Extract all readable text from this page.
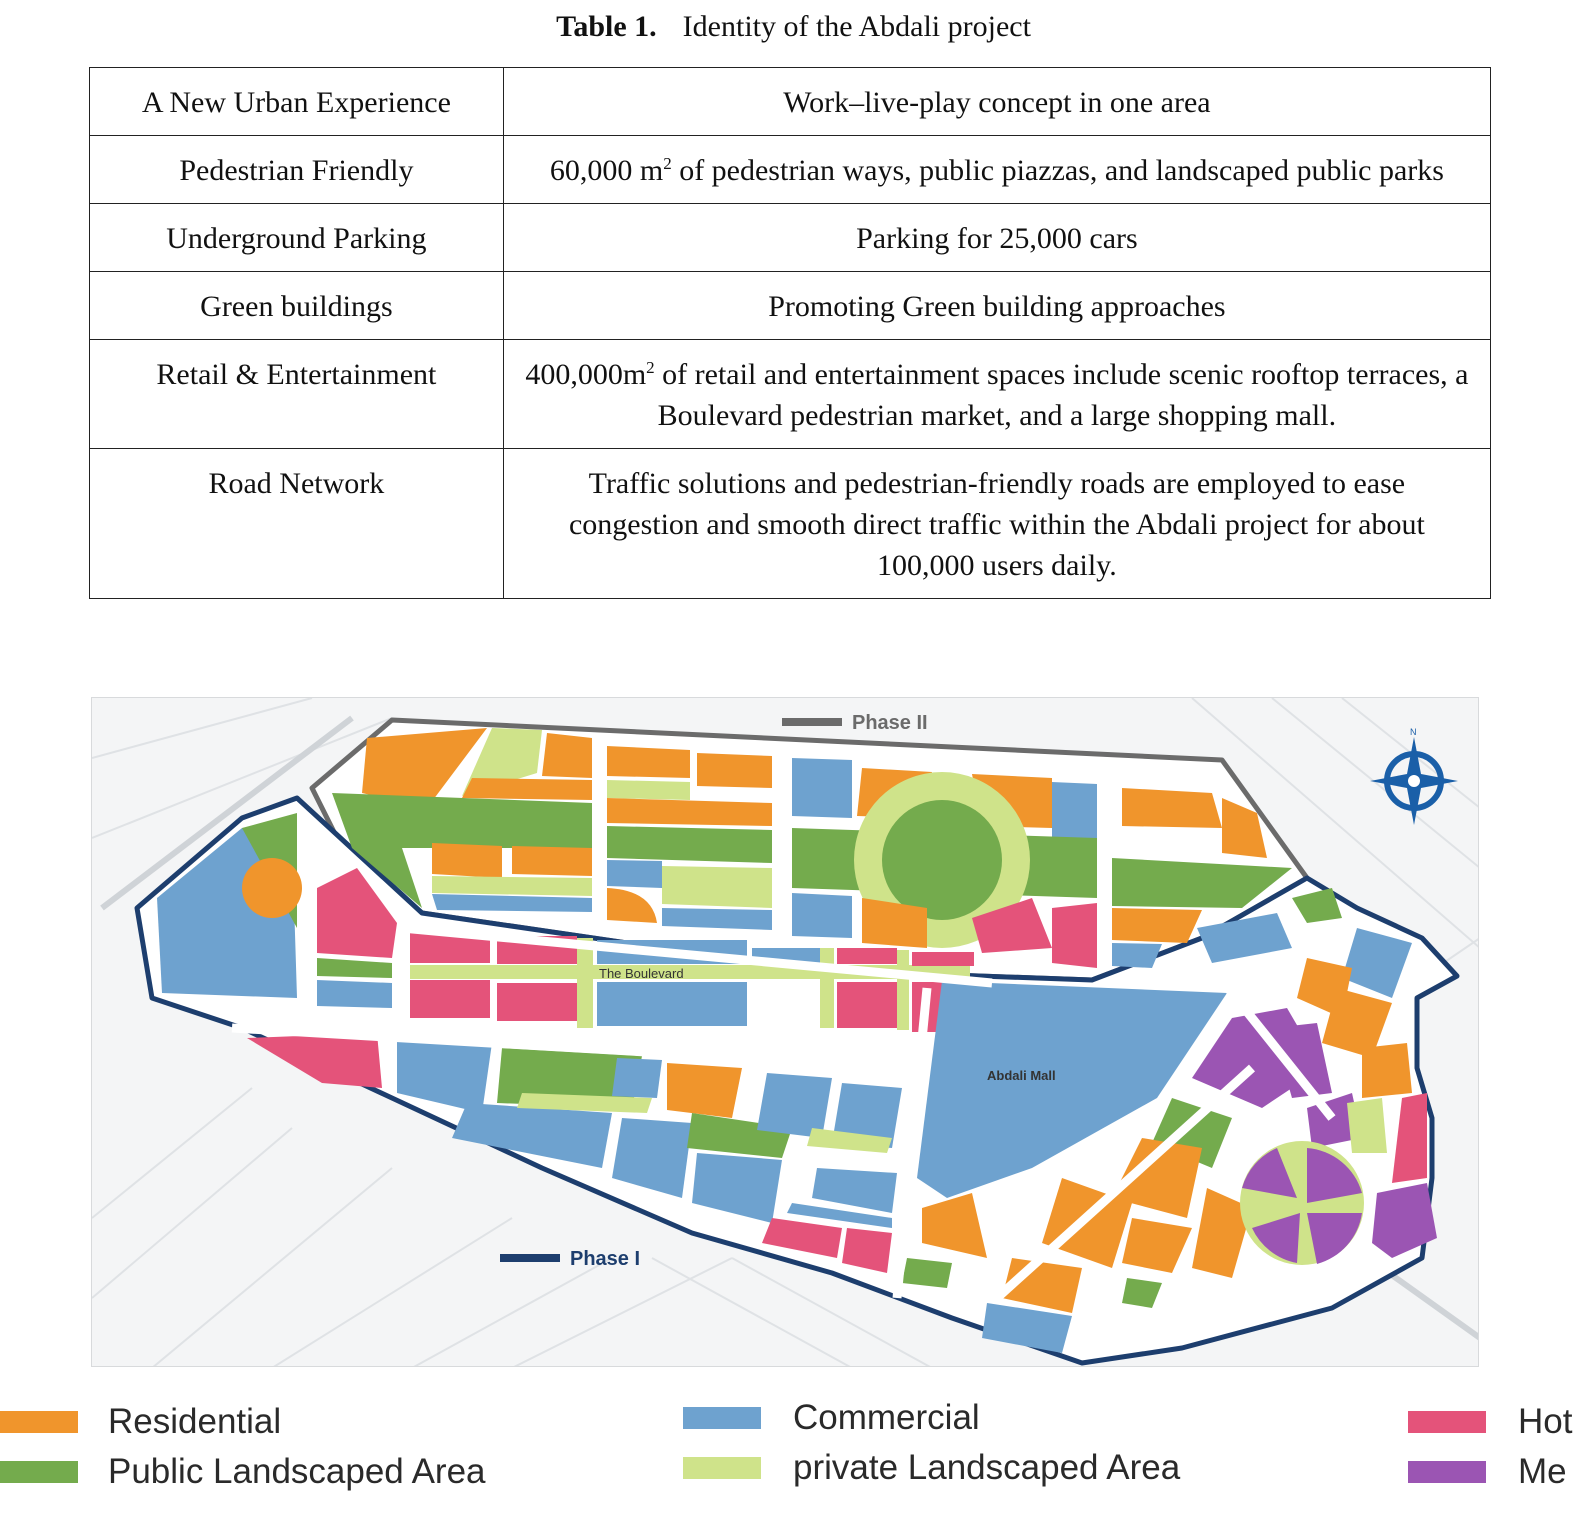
Table 1. Identity of the Abdali project
A New Urban Experience	Work–live-play concept in one area
Pedestrian Friendly	60,000 $m^2$ of pedestrian ways, public piazzas, and landscaped public parks
Underground Parking	Parking for 25,000 cars
Green buildings	Promoting Green building approaches
Retail & Entertainment	$400,000m^2$ of retail and entertainment spaces include scenic rooftop terraces, a Boulevard pedestrian market, and a large shopping mall.
Road Network	Traffic solutions and pedestrian-friendly roads are employed to ease congestion and smooth direct traffic within the Abdali project for about 100,000 users daily.
Phase II
Phase I
The Boulevard
Abdali Mall
N
Residential
Public Landscaped Area
Commercial
private Landscaped Area
Hot
Me
